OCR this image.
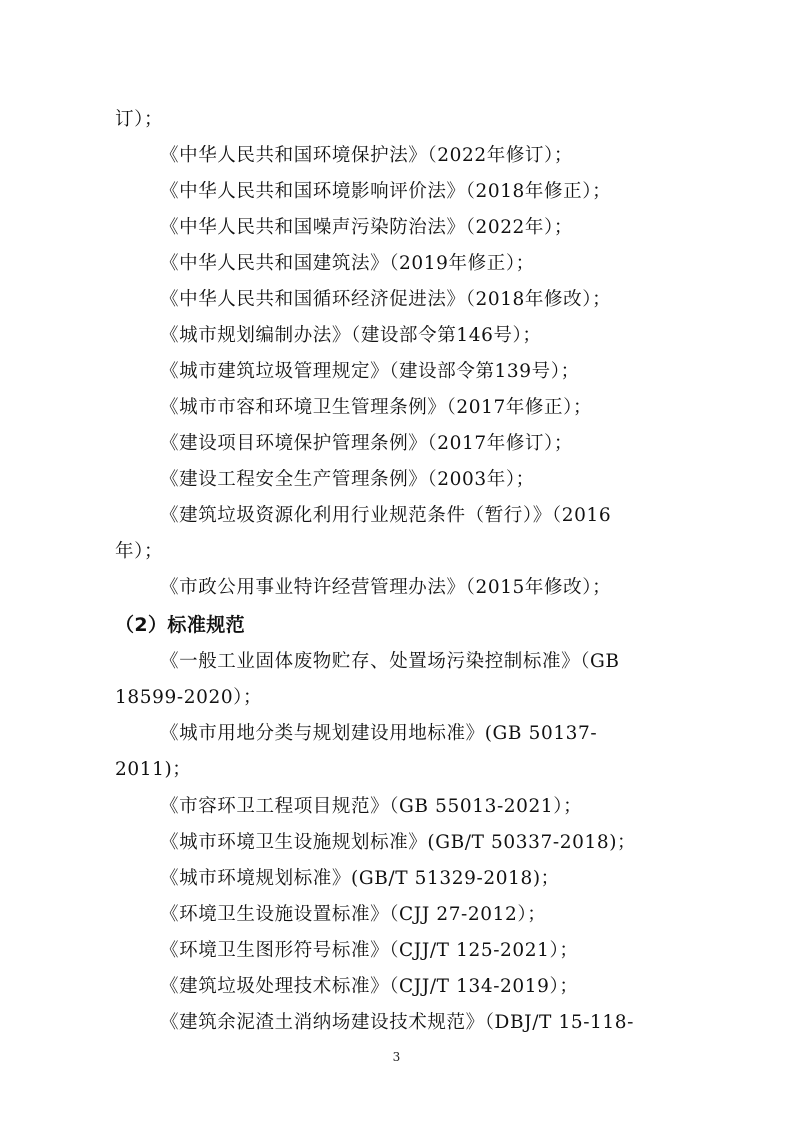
订）；
《中华人民共和国环境保护法》（2022年修订）；
《中华人民共和国环境影响评价法》（2018年修正）；
《中华人民共和国噪声污染防治法》（2022年）；
《中华人民共和国建筑法》（2019年修正）；
《中华人民共和国循环经济促进法》（2018年修改）；
《城市规划编制办法》（建设部令第146号）；
《城市建筑垃圾管理规定》（建设部令第139号）；
《城市市容和环境卫生管理条例》（2017年修正）；
《建设项目环境保护管理条例》（2017年修订）；
《建设工程安全生产管理条例》（2003年）；
《建筑垃圾资源化利用行业规范条件（暂行）》（2016
年）；
《市政公用事业特许经营管理办法》（2015年修改）；
（2）标准规范
《一般工业固体废物贮存、处置场污染控制标准》（GB
18599-2020）；
《城市用地分类与规划建设用地标准》(GB 50137-
2011)；
《市容环卫工程项目规范》（GB 55013-2021）；
《城市环境卫生设施规划标准》(GB/T 50337-2018)；
《城市环境规划标准》(GB/T 51329-2018)；
《环境卫生设施设置标准》（CJJ 27-2012）；
《环境卫生图形符号标准》（CJJ/T 125-2021）；
《建筑垃圾处理技术标准》（CJJ/T 134-2019）；
《建筑余泥渣土消纳场建设技术规范》（DBJ/T 15-118-
3
